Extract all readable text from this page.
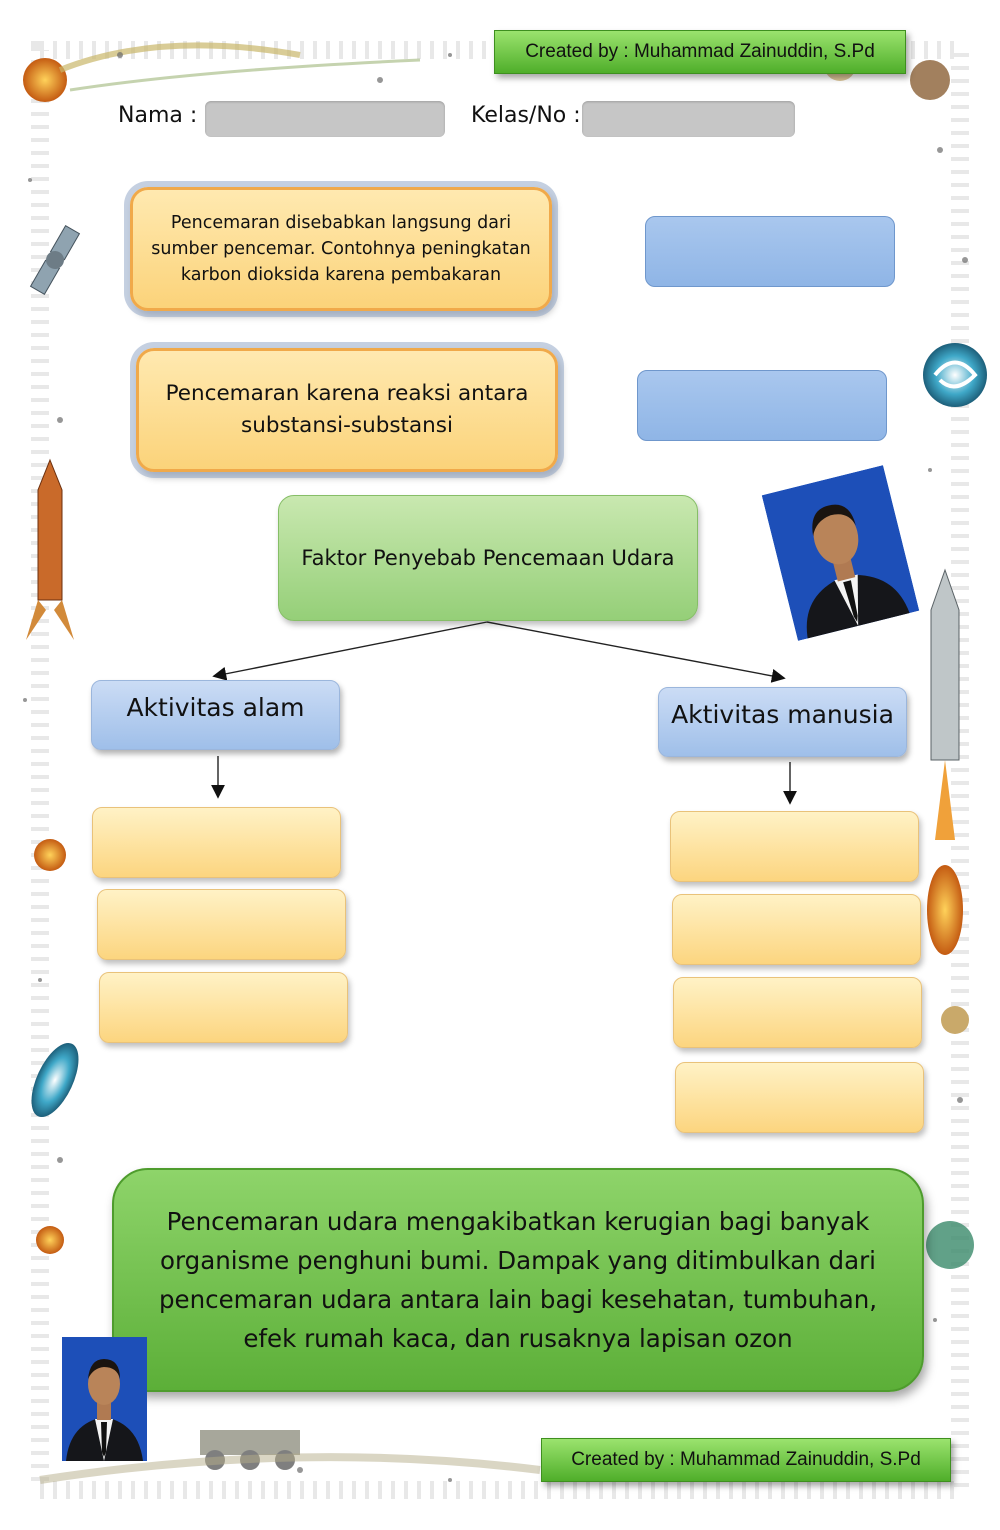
Created by : Muhammad Zainuddin, S.Pd
Nama :	Kelas/No :
Pencemaran disebabkan langsung dari sumber pencemar. Contohnya peningkatan karbon dioksida karena pembakaran
Pencemaran karena reaksi antara substansi-substansi
Faktor Penyebab Pencemaan Udara
Aktivitas alam	Aktivitas manusia
Pencemaran udara mengakibatkan kerugian bagi banyak organisme penghuni bumi. Dampak yang ditimbulkan dari pencemaran udara antara lain bagi kesehatan, tumbuhan, efek rumah kaca, dan rusaknya lapisan ozon
Created by : Muhammad Zainuddin, S.Pd
